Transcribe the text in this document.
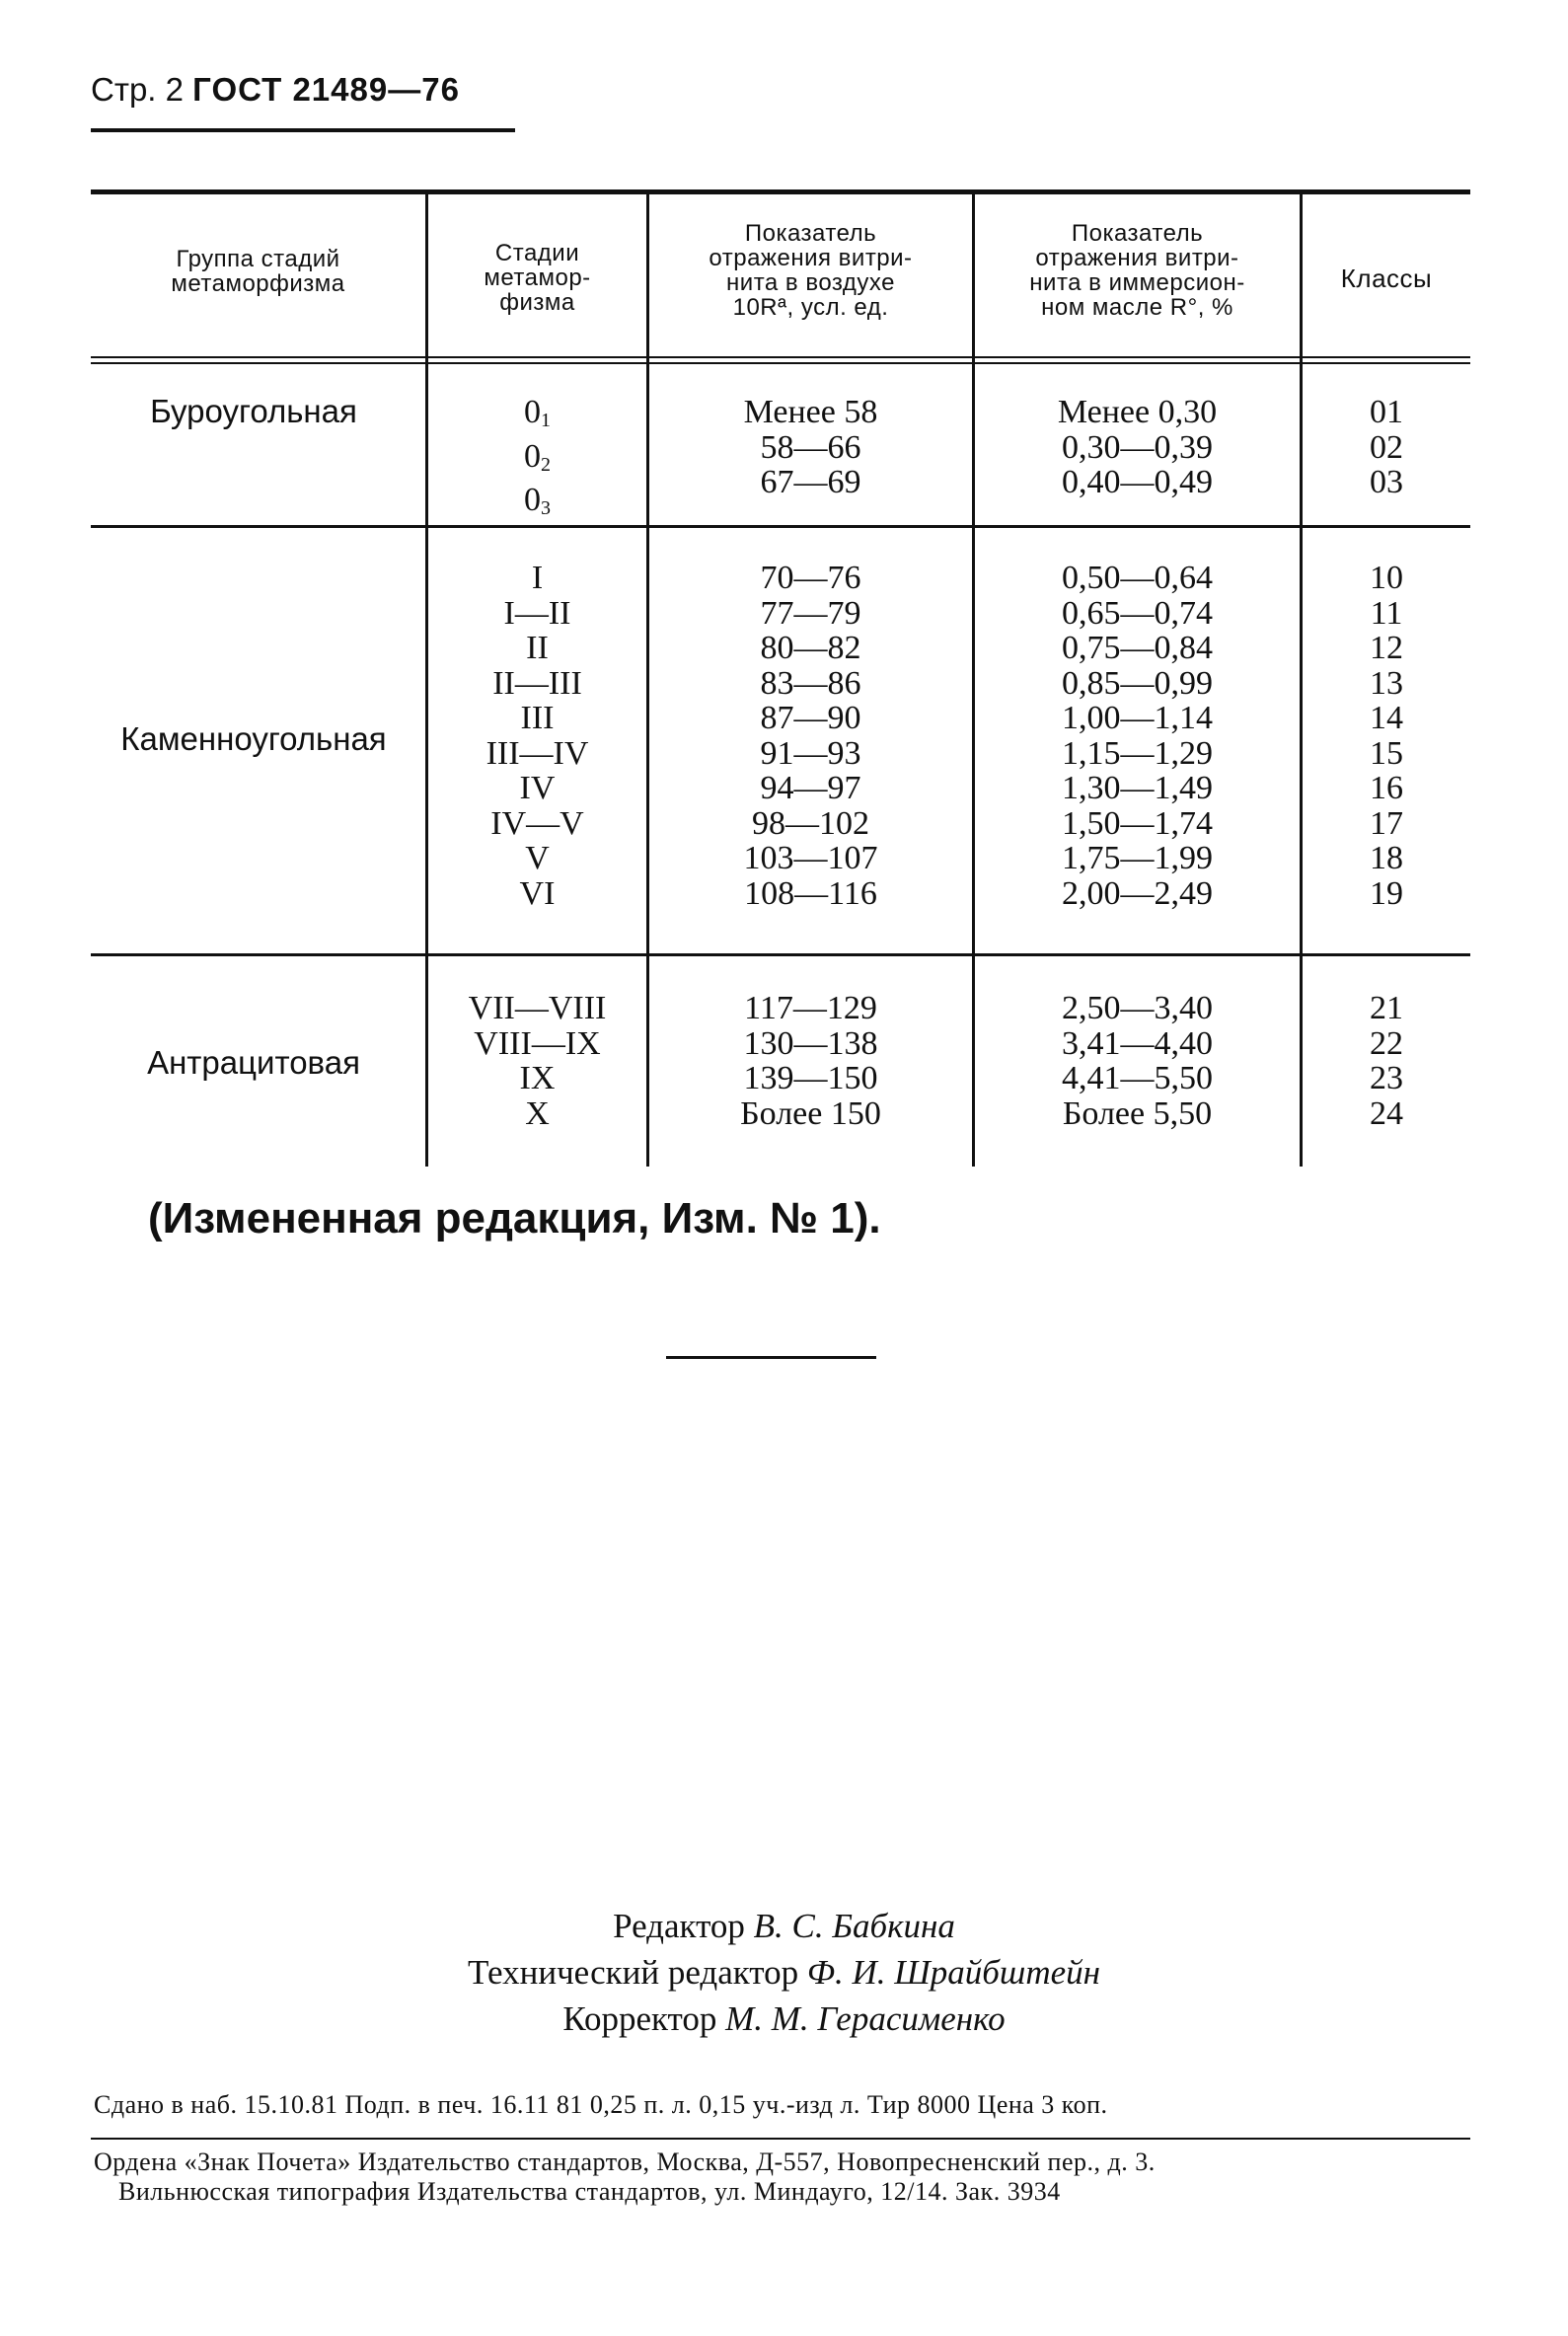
Стр. 2 ГОСТ 21489—76
Группа стадий
метаморфизма
Стадии
метамор-
физма
Показатель
отражения витри-
нита в воздухе
10Rª, усл. ед.
Показатель
отражения витри-
нита в иммерсион-
ном масле R°, %
Классы
Буроугольная	$0_1$
$0_2$
$0_3$
Менее 58
58—66
67—69
Менее 0,30
0,30—0,39
0,40—0,49
01
02
03
Каменноугольная
I
I—II
II
II—III
III
III—IV
IV
IV—V
V
VI
70—76
77—79
80—82
83—86
87—90
91—93
94—97
98—102
103—107
108—116
0,50—0,64
0,65—0,74
0,75—0,84
0,85—0,99
1,00—1,14
1,15—1,29
1,30—1,49
1,50—1,74
1,75—1,99
2,00—2,49
10
11
12
13
14
15
16
17
18
19
Антрацитовая
VII—VIII
VIII—IX
IX
X
117—129
130—138
139—150
Более 150
2,50—3,40
3,41—4,40
4,41—5,50
Более 5,50
21
22
23
24
(Измененная редакция, Изм. № 1).
Редактор В. С. Бабкина
Технический редактор Ф. И. Шрайбштейн
Корректор М. М. Герасименко
Сдано в наб. 15.10.81 Подп. в печ. 16.11 81 0,25 п. л. 0,15 уч.-изд л. Тир 8000 Цена 3 коп.
Ордена «Знак Почета» Издательство стандартов, Москва, Д-557, Новопресненский пер., д. 3.
Вильнюсская типография Издательства стандартов, ул. Миндауго, 12/14. Зак. 3934
